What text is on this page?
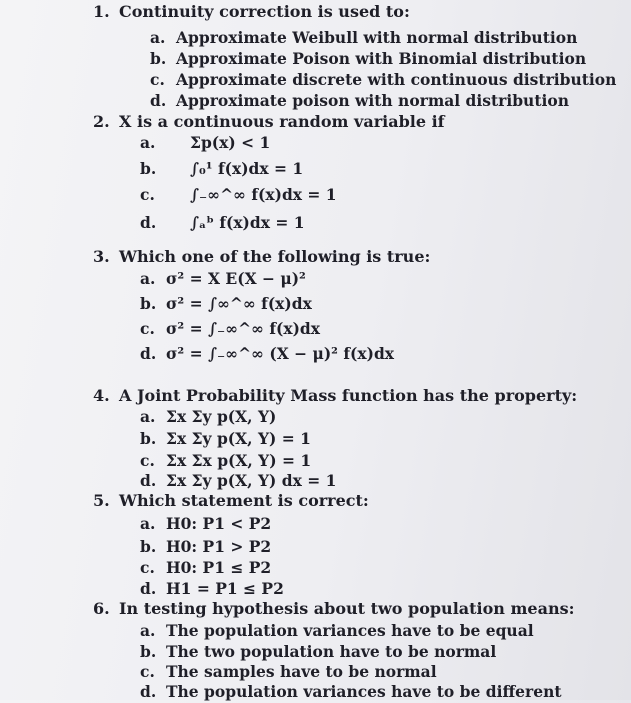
1. Continuity correction is used to:
a. Approximate Weibull with normal distribution
b. Approximate Poison with Binomial distribution
c. Approximate discrete with continuous distribution
d. Approximate poison with normal distribution
2. X is a continuous random variable if
a. Σp(x) < 1
b. ∫₀¹ f(x)dx = 1
c. ∫₋∞^∞ f(x)dx = 1
d. ∫ₐᵇ f(x)dx = 1
3. Which one of the following is true:
a. σ² = X E(X − μ)²
b. σ² = ∫∞^∞ f(x)dx
c. σ² = ∫₋∞^∞ f(x)dx
d. σ² = ∫₋∞^∞ (X − μ)² f(x)dx
4. A Joint Probability Mass function has the property:
a. Σx Σy p(X, Y)
b. Σx Σy p(X, Y) = 1
c. Σx Σx p(X, Y) = 1
d. Σx Σy p(X, Y) dx = 1
5. Which statement is correct:
a. H0: P1 < P2
b. H0: P1 > P2
c. H0: P1 ≤ P2
d. H1 = P1 ≤ P2
6. In testing hypothesis about two population means:
a. The population variances have to be equal
b. The two population have to be normal
c. The samples have to be normal
d. The population variances have to be different
